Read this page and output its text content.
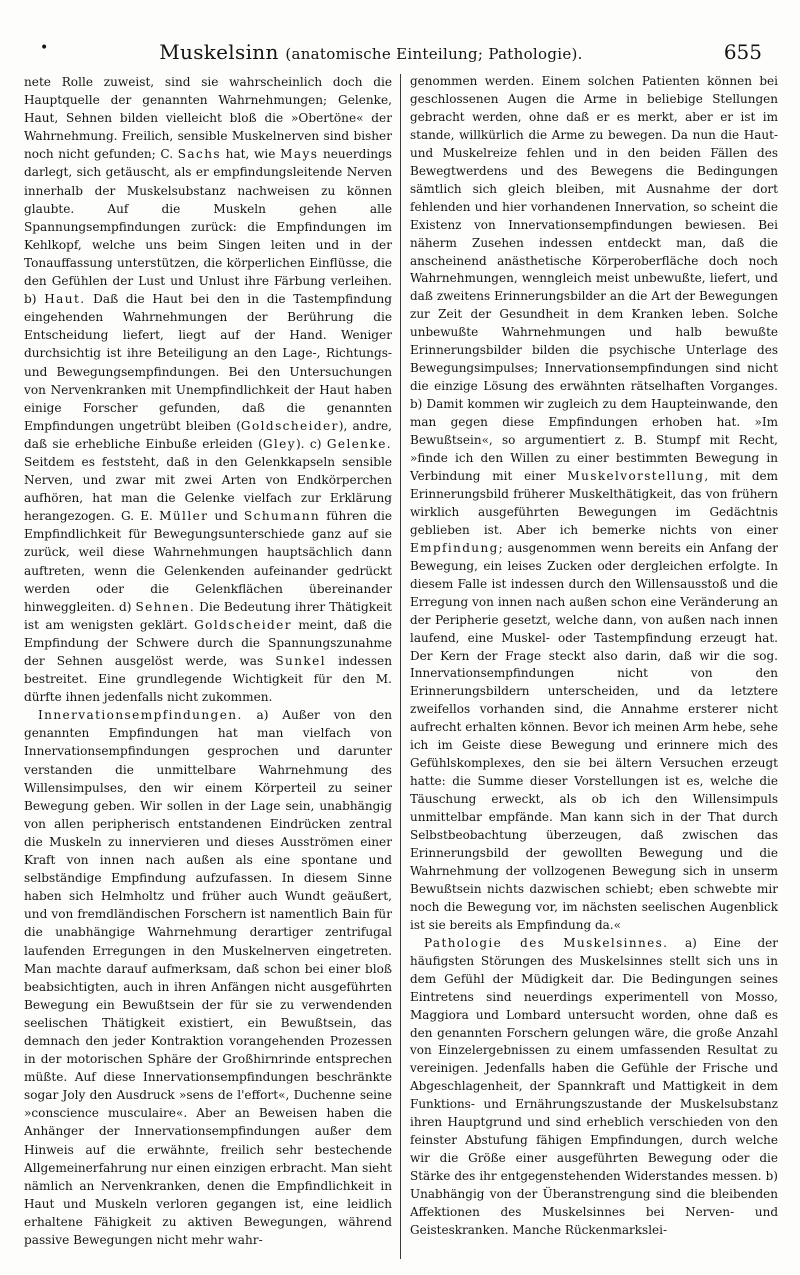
•	Muskelsinn (anatomische Einteilung; Pathologie).	655

nete Rolle zuweist, sind sie wahrscheinlich doch die Hauptquelle der genannten Wahrnehmungen; Gelenke, Haut, Sehnen bilden vielleicht bloß die »Obertöne« der Wahrnehmung. Freilich, sensible Muskelnerven sind bisher noch nicht gefunden; C. Sachs hat, wie Mays neuerdings darlegt, sich getäuscht, als er empfindungsleitende Nerven innerhalb der Muskelsubstanz nachweisen zu können glaubte. Auf die Muskeln gehen alle Spannungsempfindungen zurück: die Empfindungen im Kehlkopf, welche uns beim Singen leiten und in der Tonauffassung unterstützen, die körperlichen Einflüsse, die den Gefühlen der Lust und Unlust ihre Färbung verleihen. b) Haut. Daß die Haut bei den in die Tastempfindung eingehenden Wahrnehmungen der Berührung die Entscheidung liefert, liegt auf der Hand. Weniger durchsichtig ist ihre Beteiligung an den Lage-, Richtungs- und Bewegungsempfindungen. Bei den Untersuchungen von Nervenkranken mit Unempfindlichkeit der Haut haben einige Forscher gefunden, daß die genannten Empfindungen ungetrübt bleiben (Goldscheider), andre, daß sie erhebliche Einbuße erleiden (Gley). c) Gelenke. Seitdem es feststeht, daß in den Gelenkkapseln sensible Nerven, und zwar mit zwei Arten von Endkörperchen aufhören, hat man die Gelenke vielfach zur Erklärung herangezogen. G. E. Müller und Schumann führen die Empfindlichkeit für Bewegungsunterschiede ganz auf sie zurück, weil diese Wahrnehmungen hauptsächlich dann auftreten, wenn die Gelenkenden aufeinander gedrückt werden oder die Gelenkflächen übereinander hinweggleiten. d) Sehnen. Die Bedeutung ihrer Thätigkeit ist am wenigsten geklärt. Goldscheider meint, daß die Empfindung der Schwere durch die Spannungszunahme der Sehnen ausgelöst werde, was Sunkel indessen bestreitet. Eine grundlegende Wichtigkeit für den M. dürfte ihnen jedenfalls nicht zukommen.

Innervationsempfindungen. a) Außer von den genannten Empfindungen hat man vielfach von Innervationsempfindungen gesprochen und darunter verstanden die unmittelbare Wahrnehmung des Willensimpulses, den wir einem Körperteil zu seiner Bewegung geben. Wir sollen in der Lage sein, unabhängig von allen peripherisch entstandenen Eindrücken zentral die Muskeln zu innervieren und dieses Ausströmen einer Kraft von innen nach außen als eine spontane und selbständige Empfindung aufzufassen. In diesem Sinne haben sich Helmholtz und früher auch Wundt geäußert, und von fremdländischen Forschern ist namentlich Bain für die unabhängige Wahrnehmung derartiger zentrifugal laufenden Erregungen in den Muskelnerven eingetreten. Man machte darauf aufmerksam, daß schon bei einer bloß beabsichtigten, auch in ihren Anfängen nicht ausgeführten Bewegung ein Bewußtsein der für sie zu verwendenden seelischen Thätigkeit existiert, ein Bewußtsein, das demnach den jeder Kontraktion vorangehenden Prozessen in der motorischen Sphäre der Großhirnrinde entsprechen müßte. Auf diese Innervationsempfindungen beschränkte sogar Joly den Ausdruck »sens de l'effort«, Duchenne seine »conscience musculaire«. Aber an Beweisen haben die Anhänger der Innervationsempfindungen außer dem Hinweis auf die erwähnte, freilich sehr bestechende Allgemeinerfahrung nur einen einzigen erbracht. Man sieht nämlich an Nervenkranken, denen die Empfindlichkeit in Haut und Muskeln verloren gegangen ist, eine leidlich erhaltene Fähigkeit zu aktiven Bewegungen, während passive Bewegungen nicht mehr wahr-

genommen werden. Einem solchen Patienten können bei geschlossenen Augen die Arme in beliebige Stellungen gebracht werden, ohne daß er es merkt, aber er ist im stande, willkürlich die Arme zu bewegen. Da nun die Haut- und Muskelreize fehlen und in den beiden Fällen des Bewegtwerdens und des Bewegens die Bedingungen sämtlich sich gleich bleiben, mit Ausnahme der dort fehlenden und hier vorhandenen Innervation, so scheint die Existenz von Innervationsempfindungen bewiesen. Bei näherm Zusehen indessen entdeckt man, daß die anscheinend anästhetische Körperoberfläche doch noch Wahrnehmungen, wenngleich meist unbewußte, liefert, und daß zweitens Erinnerungsbilder an die Art der Bewegungen zur Zeit der Gesundheit in dem Kranken leben. Solche unbewußte Wahrnehmungen und halb bewußte Erinnerungsbilder bilden die psychische Unterlage des Bewegungsimpulses; Innervationsempfindungen sind nicht die einzige Lösung des erwähnten rätselhaften Vorganges. b) Damit kommen wir zugleich zu dem Haupteinwande, den man gegen diese Empfindungen erhoben hat. »Im Bewußtsein«, so argumentiert z. B. Stumpf mit Recht, »finde ich den Willen zu einer bestimmten Bewegung in Verbindung mit einer Muskelvorstellung, mit dem Erinnerungsbild früherer Muskelthätigkeit, das von frühern wirklich ausgeführten Bewegungen im Gedächtnis geblieben ist. Aber ich bemerke nichts von einer Empfindung; ausgenommen wenn bereits ein Anfang der Bewegung, ein leises Zucken oder dergleichen erfolgte. In diesem Falle ist indessen durch den Willensausstoß und die Erregung von innen nach außen schon eine Veränderung an der Peripherie gesetzt, welche dann, von außen nach innen laufend, eine Muskel- oder Tastempfindung erzeugt hat. Der Kern der Frage steckt also darin, daß wir die sog. Innervationsempfindungen nicht von den Erinnerungsbildern unterscheiden, und da letztere zweifellos vorhanden sind, die Annahme ersterer nicht aufrecht erhalten können. Bevor ich meinen Arm hebe, sehe ich im Geiste diese Bewegung und erinnere mich des Gefühlskomplexes, den sie bei ältern Versuchen erzeugt hatte: die Summe dieser Vorstellungen ist es, welche die Täuschung erweckt, als ob ich den Willensimpuls unmittelbar empfände. Man kann sich in der That durch Selbstbeobachtung überzeugen, daß zwischen das Erinnerungsbild der gewollten Bewegung und die Wahrnehmung der vollzogenen Bewegung sich in unserm Bewußtsein nichts dazwischen schiebt; eben schwebte mir noch die Bewegung vor, im nächsten seelischen Augenblick ist sie bereits als Empfindung da.«

Pathologie des Muskelsinnes. a) Eine der häufigsten Störungen des Muskelsinnes stellt sich uns in dem Gefühl der Müdigkeit dar. Die Bedingungen seines Eintretens sind neuerdings experimentell von Mosso, Maggiora und Lombard untersucht worden, ohne daß es den genannten Forschern gelungen wäre, die große Anzahl von Einzelergebnissen zu einem umfassenden Resultat zu vereinigen. Jedenfalls haben die Gefühle der Frische und Abgeschlagenheit, der Spannkraft und Mattigkeit in dem Funktions- und Ernährungszustande der Muskelsubstanz ihren Hauptgrund und sind erheblich verschieden von den feinster Abstufung fähigen Empfindungen, durch welche wir die Größe einer ausgeführten Bewegung oder die Stärke des ihr entgegenstehenden Widerstandes messen. b) Unabhängig von der Überanstrengung sind die bleibenden Affektionen des Muskelsinnes bei Nerven- und Geisteskranken. Manche Rückenmarkslei-
